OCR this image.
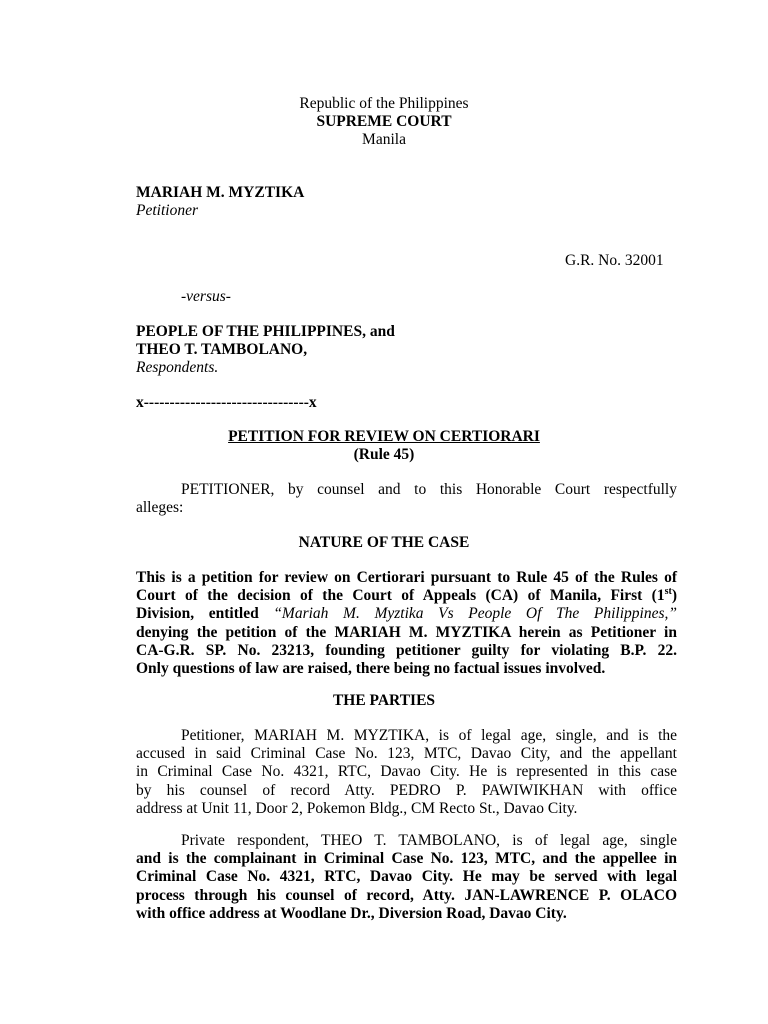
Republic of the Philippines
SUPREME COURT
Manila
MARIAH M. MYZTIKA
Petitioner
G.R. No. 32001
-versus-
PEOPLE OF THE PHILIPPINES, and
THEO T. TAMBOLANO,
Respondents.
x--------------------------------x
PETITION FOR REVIEW ON CERTIORARI
(Rule 45)
PETITIONER, by counsel and to this Honorable Court respectfully
alleges:
NATURE OF THE CASE
This is a petition for review on Certiorari pursuant to Rule 45 of the Rules of
Court of the decision of the Court of Appeals (CA) of Manila, First (1st)
Division, entitled “Mariah M. Myztika Vs People Of The Philippines,”
denying the petition of the MARIAH M. MYZTIKA herein as Petitioner in
CA-G.R. SP. No. 23213, founding petitioner guilty for violating B.P. 22.
Only questions of law are raised, there being no factual issues involved.
THE PARTIES
Petitioner, MARIAH M. MYZTIKA, is of legal age, single, and is the
accused in said Criminal Case No. 123, MTC, Davao City, and the appellant
in Criminal Case No. 4321, RTC, Davao City. He is represented in this case
by his counsel of record Atty. PEDRO P. PAWIWIKHAN with office
address at Unit 11, Door 2, Pokemon Bldg., CM Recto St., Davao City.
Private respondent, THEO T. TAMBOLANO, is of legal age, single
and is the complainant in Criminal Case No. 123, MTC, and the appellee in
Criminal Case No. 4321, RTC, Davao City. He may be served with legal
process through his counsel of record, Atty. JAN-LAWRENCE P. OLACO
with office address at Woodlane Dr., Diversion Road, Davao City.
